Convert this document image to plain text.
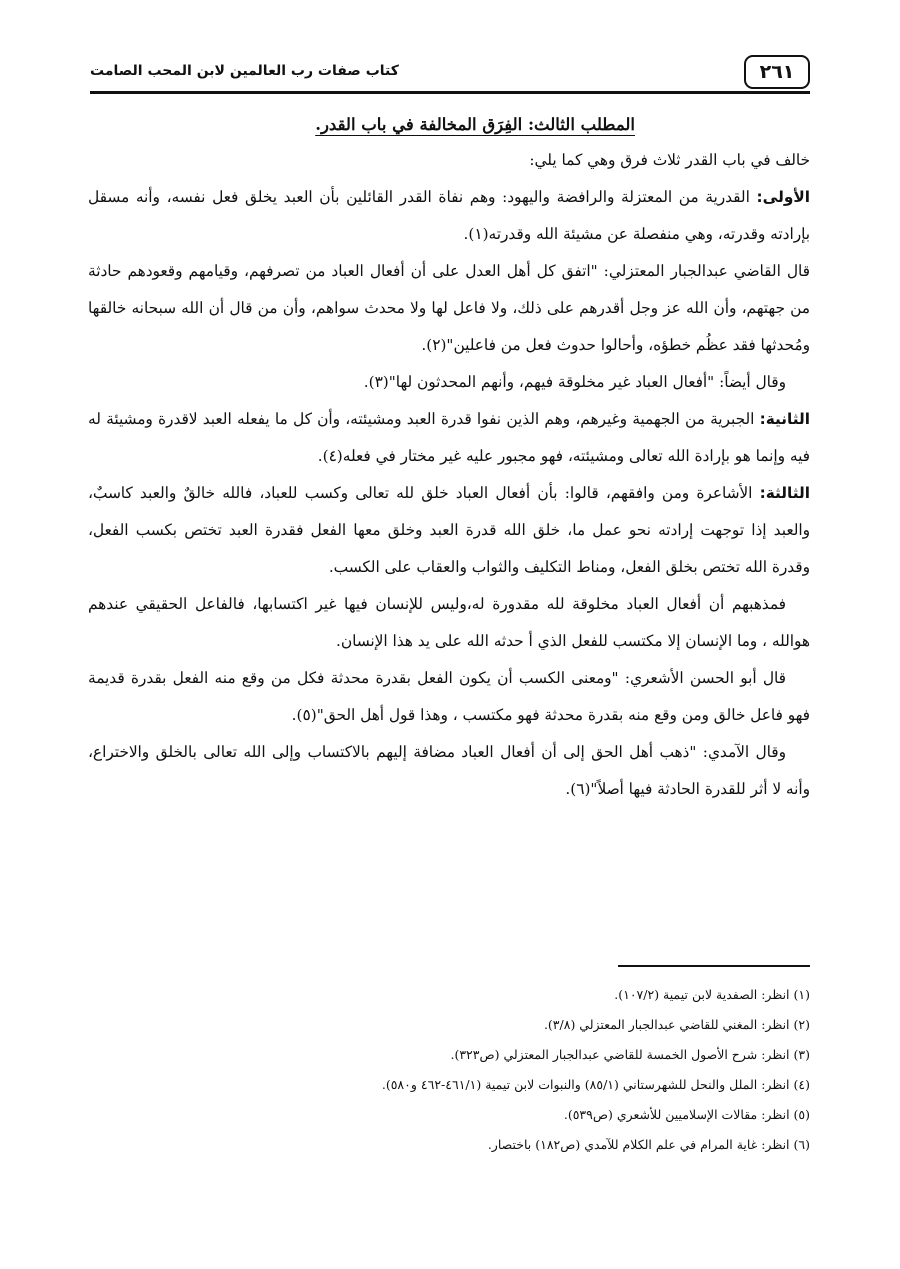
٢٦١
كتاب صفات رب العالمين لابن المحب الصامت
المطلب الثالث: الفِرَق المخالفة في باب القدر.

خالف في باب القدر ثلاث فرق وهي كما يلي:

الأولى: القدرية من المعتزلة والرافضة واليهود: وهم نفاة القدر القائلين بأن العبد يخلق فعل نفسه، وأنه مسقل بإرادته وقدرته، وهي منفصلة عن مشيئة الله وقدرته(١).

قال القاضي عبدالجبار المعتزلي: "اتفق كل أهل العدل على أن أفعال العباد من تصرفهم، وقيامهم وقعودهم حادثة من جهتهم، وأن الله عز وجل أقدرهم على ذلك، ولا فاعل لها ولا محدث سواهم، وأن من قال أن الله سبحانه خالقها ومُحدثها فقد عظُم خطؤه، وأحالوا حدوث فعل من فاعلين"(٢).

وقال أيضاً: "أفعال العباد غير مخلوقة فيهم، وأنهم المحدثون لها"(٣).

الثانية: الجبرية من الجهمية وغيرهم، وهم الذين نفوا قدرة العبد ومشيئته، وأن كل ما يفعله العبد لاقدرة ومشيئة له فيه وإنما هو بإرادة الله تعالى ومشيئته، فهو مجبور عليه غير مختار في فعله(٤).

الثالثة: الأشاعرة ومن وافقهم، قالوا: بأن أفعال العباد خلق لله تعالى وكسب للعباد، فالله خالقٌ والعبد كاسبٌ، والعبد إذا توجهت إرادته نحو عمل ما، خلق الله قدرة العبد وخلق معها الفعل فقدرة العبد تختص بكسب الفعل، وقدرة الله تختص بخلق الفعل، ومناط التكليف والثواب والعقاب على الكسب.

فمذهبهم أن أفعال العباد مخلوقة لله مقدورة له،وليس للإنسان فيها غير اكتسابها، فالفاعل الحقيقي عندهم هوالله ، وما الإنسان إلا مكتسب للفعل الذي أ حدثه الله على يد هذا الإنسان.

قال أبو الحسن الأشعري: "ومعنى الكسب أن يكون الفعل بقدرة محدثة فكل من وقع منه الفعل بقدرة قديمة فهو فاعل خالق ومن وقع منه بقدرة محدثة فهو مكتسب ، وهذا قول أهل الحق"(٥).

وقال الآمدي: "ذهب أهل الحق إلى أن أفعال العباد مضافة إليهم بالاكتساب وإلى الله تعالى بالخلق والاختراع، وأنه لا أثر للقدرة الحادثة فيها أصلاً"(٦).

(١) انظر: الصفدية لابن تيمية (١٠٧/٢).

(٢) انظر: المغني للقاضي عبدالجبار المعتزلي (٣/٨).

(٣) انظر: شرح الأصول الخمسة للقاضي عبدالجبار المعتزلي (ص٣٢٣).

(٤) انظر: الملل والنحل للشهرستاني (٨٥/١) والنبوات لابن تيمية (٤٦١/١-٤٦٢ و٥٨٠).

(٥) انظر: مقالات الإسلاميين للأشعري (ص٥٣٩).

(٦) انظر: غاية المرام في علم الكلام للآمدي (ص١٨٢) باختصار.
